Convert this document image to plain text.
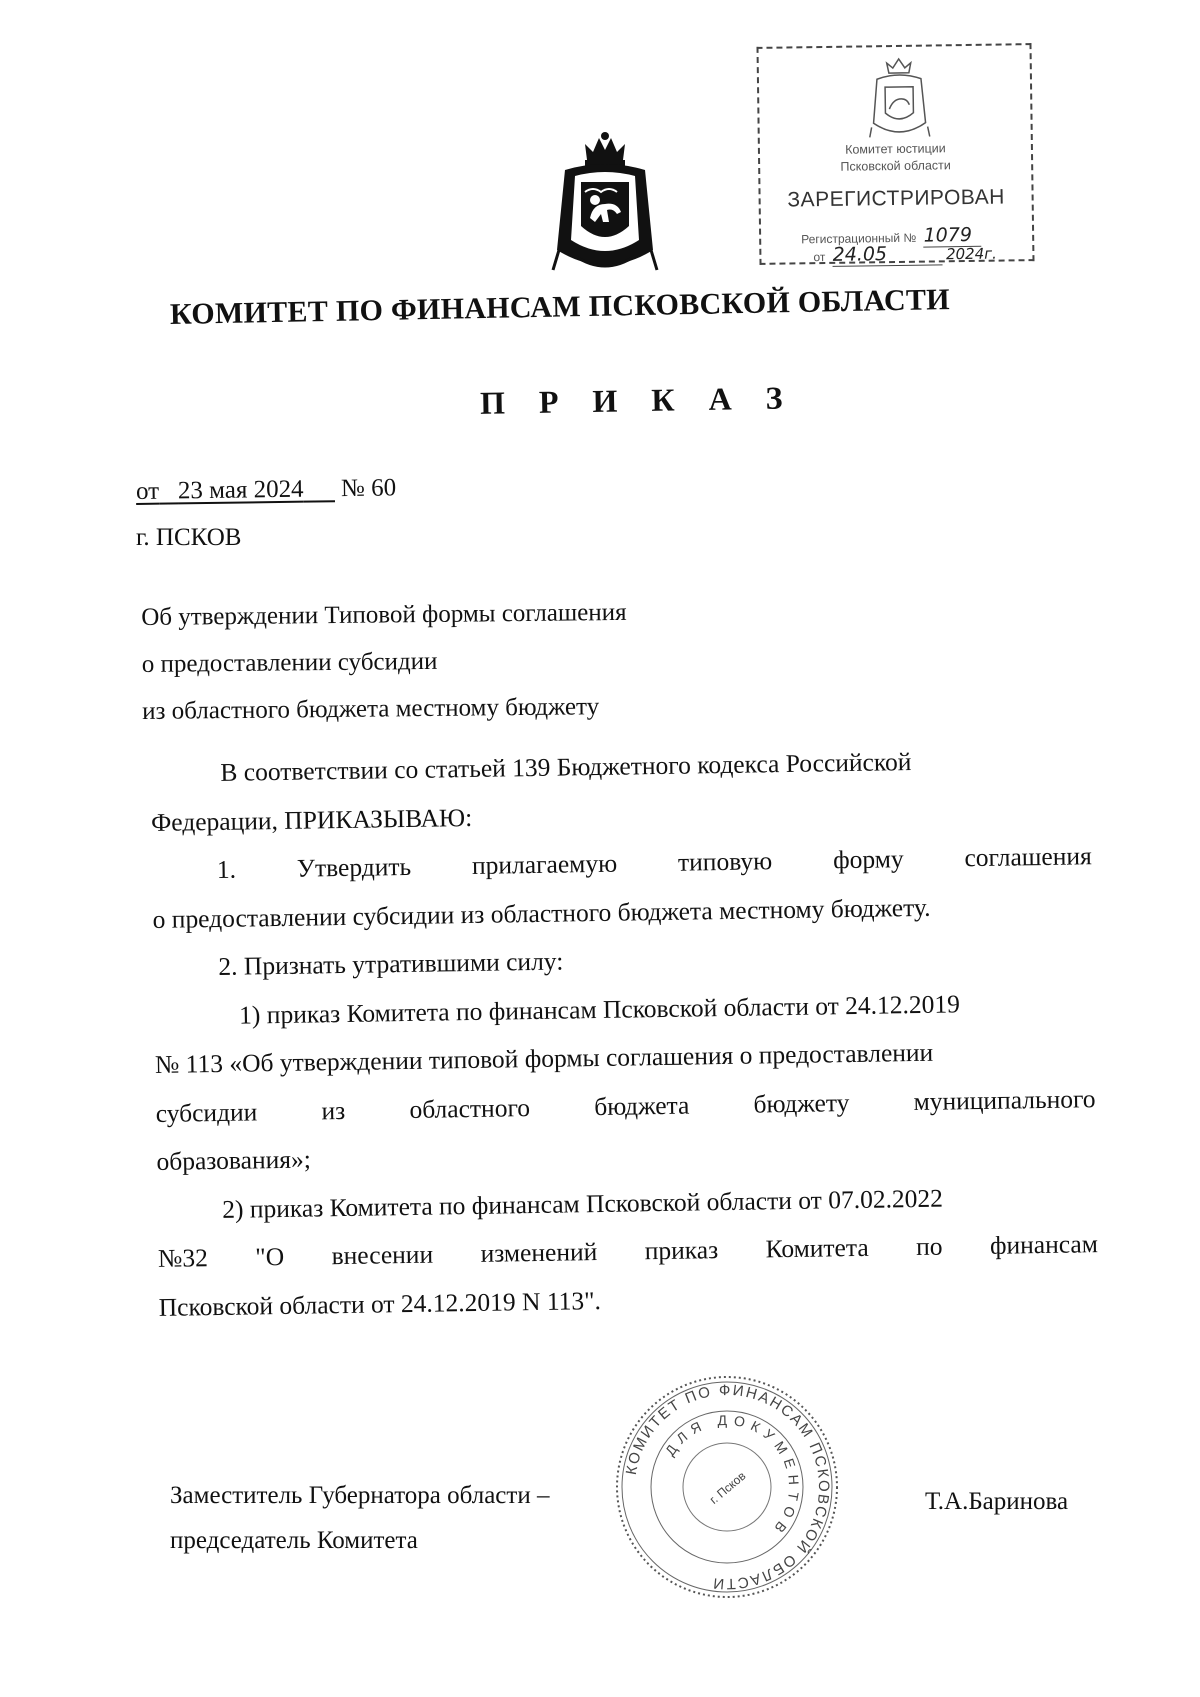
Комитет юстиции
Псковской области
ЗАРЕГИСТРИРОВАН
Регистрационный № 1079
от 24.05	2024г.
КОМИТЕТ ПО ФИНАНСАМ ПСКОВСКОЙ ОБЛАСТИ
П Р И К А З
от 23 мая 2024 № 60
г. ПСКОВ
Об утверждении Типовой формы соглашения
о предоставлении субсидии
из областного бюджета местному бюджету

В соответствии со статьей 139 Бюджетного кодекса Российской

Федерации, ПРИКАЗЫВАЮ:

1. Утвердить прилагаемую типовую форму соглашения

о предоставлении субсидии из областного бюджета местному бюджету.

2. Признать утратившими силу:

1) приказ Комитета по финансам Псковской области от 24.12.2019

№ 113 «Об утверждении типовой формы соглашения о предоставлении

субсидии	из	областного	бюджета	бюджету	муниципального

образования»;

2) приказ Комитета по финансам Псковской области от 07.02.2022

№32 "О внесении изменений приказ Комитета по финансам

Псковской области от 24.12.2019 N 113".

КОМИТЕТ ПО ФИНАНСАМ ПСКОВСКОЙ ОБЛАСТИ
ДЛЯ ДОКУМЕНТОВ
г. Псков
Заместитель Губернатора области –
председатель Комитета
Т.А.Баринова
